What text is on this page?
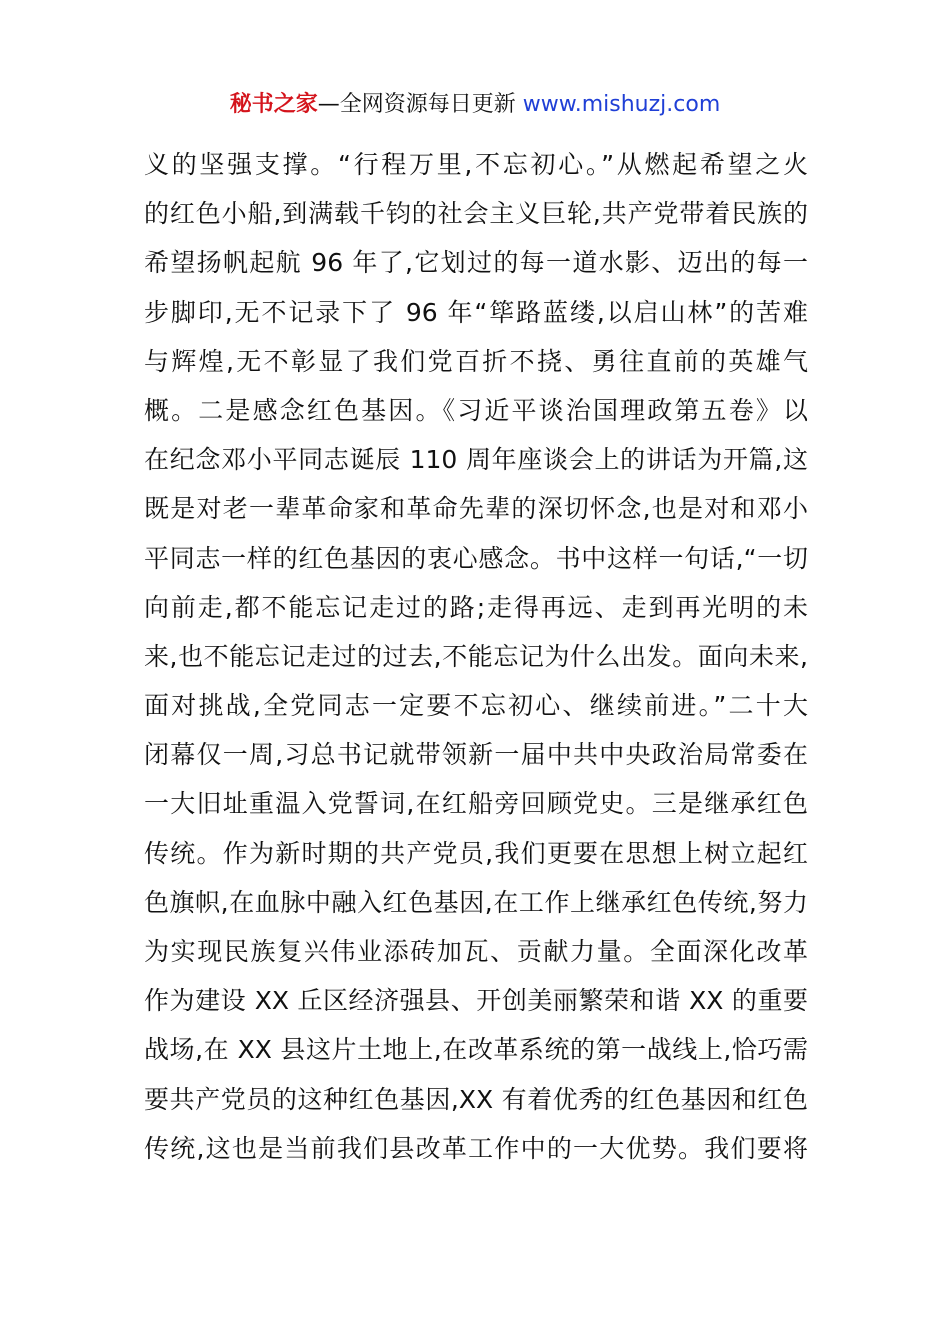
秘书之家—全网资源每日更新 www.mishuzj.com
义的坚强支撑。“行程万里,不忘初心。”从燃起希望之火
的红色小船,到满载千钧的社会主义巨轮,共产党带着民族的
希望扬帆起航 96 年了,它划过的每一道水影、迈出的每一
步脚印,无不记录下了 96 年“筚路蓝缕,以启山林”的苦难
与辉煌,无不彰显了我们党百折不挠、勇往直前的英雄气
概。二是感念红色基因。《习近平谈治国理政第五卷》以
在纪念邓小平同志诞辰 110 周年座谈会上的讲话为开篇,这
既是对老一辈革命家和革命先辈的深切怀念,也是对和邓小
平同志一样的红色基因的衷心感念。书中这样一句话,“一切
向前走,都不能忘记走过的路;走得再远、走到再光明的未
来,也不能忘记走过的过去,不能忘记为什么出发。面向未来,
面对挑战,全党同志一定要不忘初心、继续前进。”二十大
闭幕仅一周,习总书记就带领新一届中共中央政治局常委在
一大旧址重温入党誓词,在红船旁回顾党史。三是继承红色
传统。作为新时期的共产党员,我们更要在思想上树立起红
色旗帜,在血脉中融入红色基因,在工作上继承红色传统,努力
为实现民族复兴伟业添砖加瓦、贡献力量。全面深化改革
作为建设 XX 丘区经济强县、开创美丽繁荣和谐 XX 的重要
战场,在 XX 县这片土地上,在改革系统的第一战线上,恰巧需
要共产党员的这种红色基因,XX 有着优秀的红色基因和红色
传统,这也是当前我们县改革工作中的一大优势。我们要将
